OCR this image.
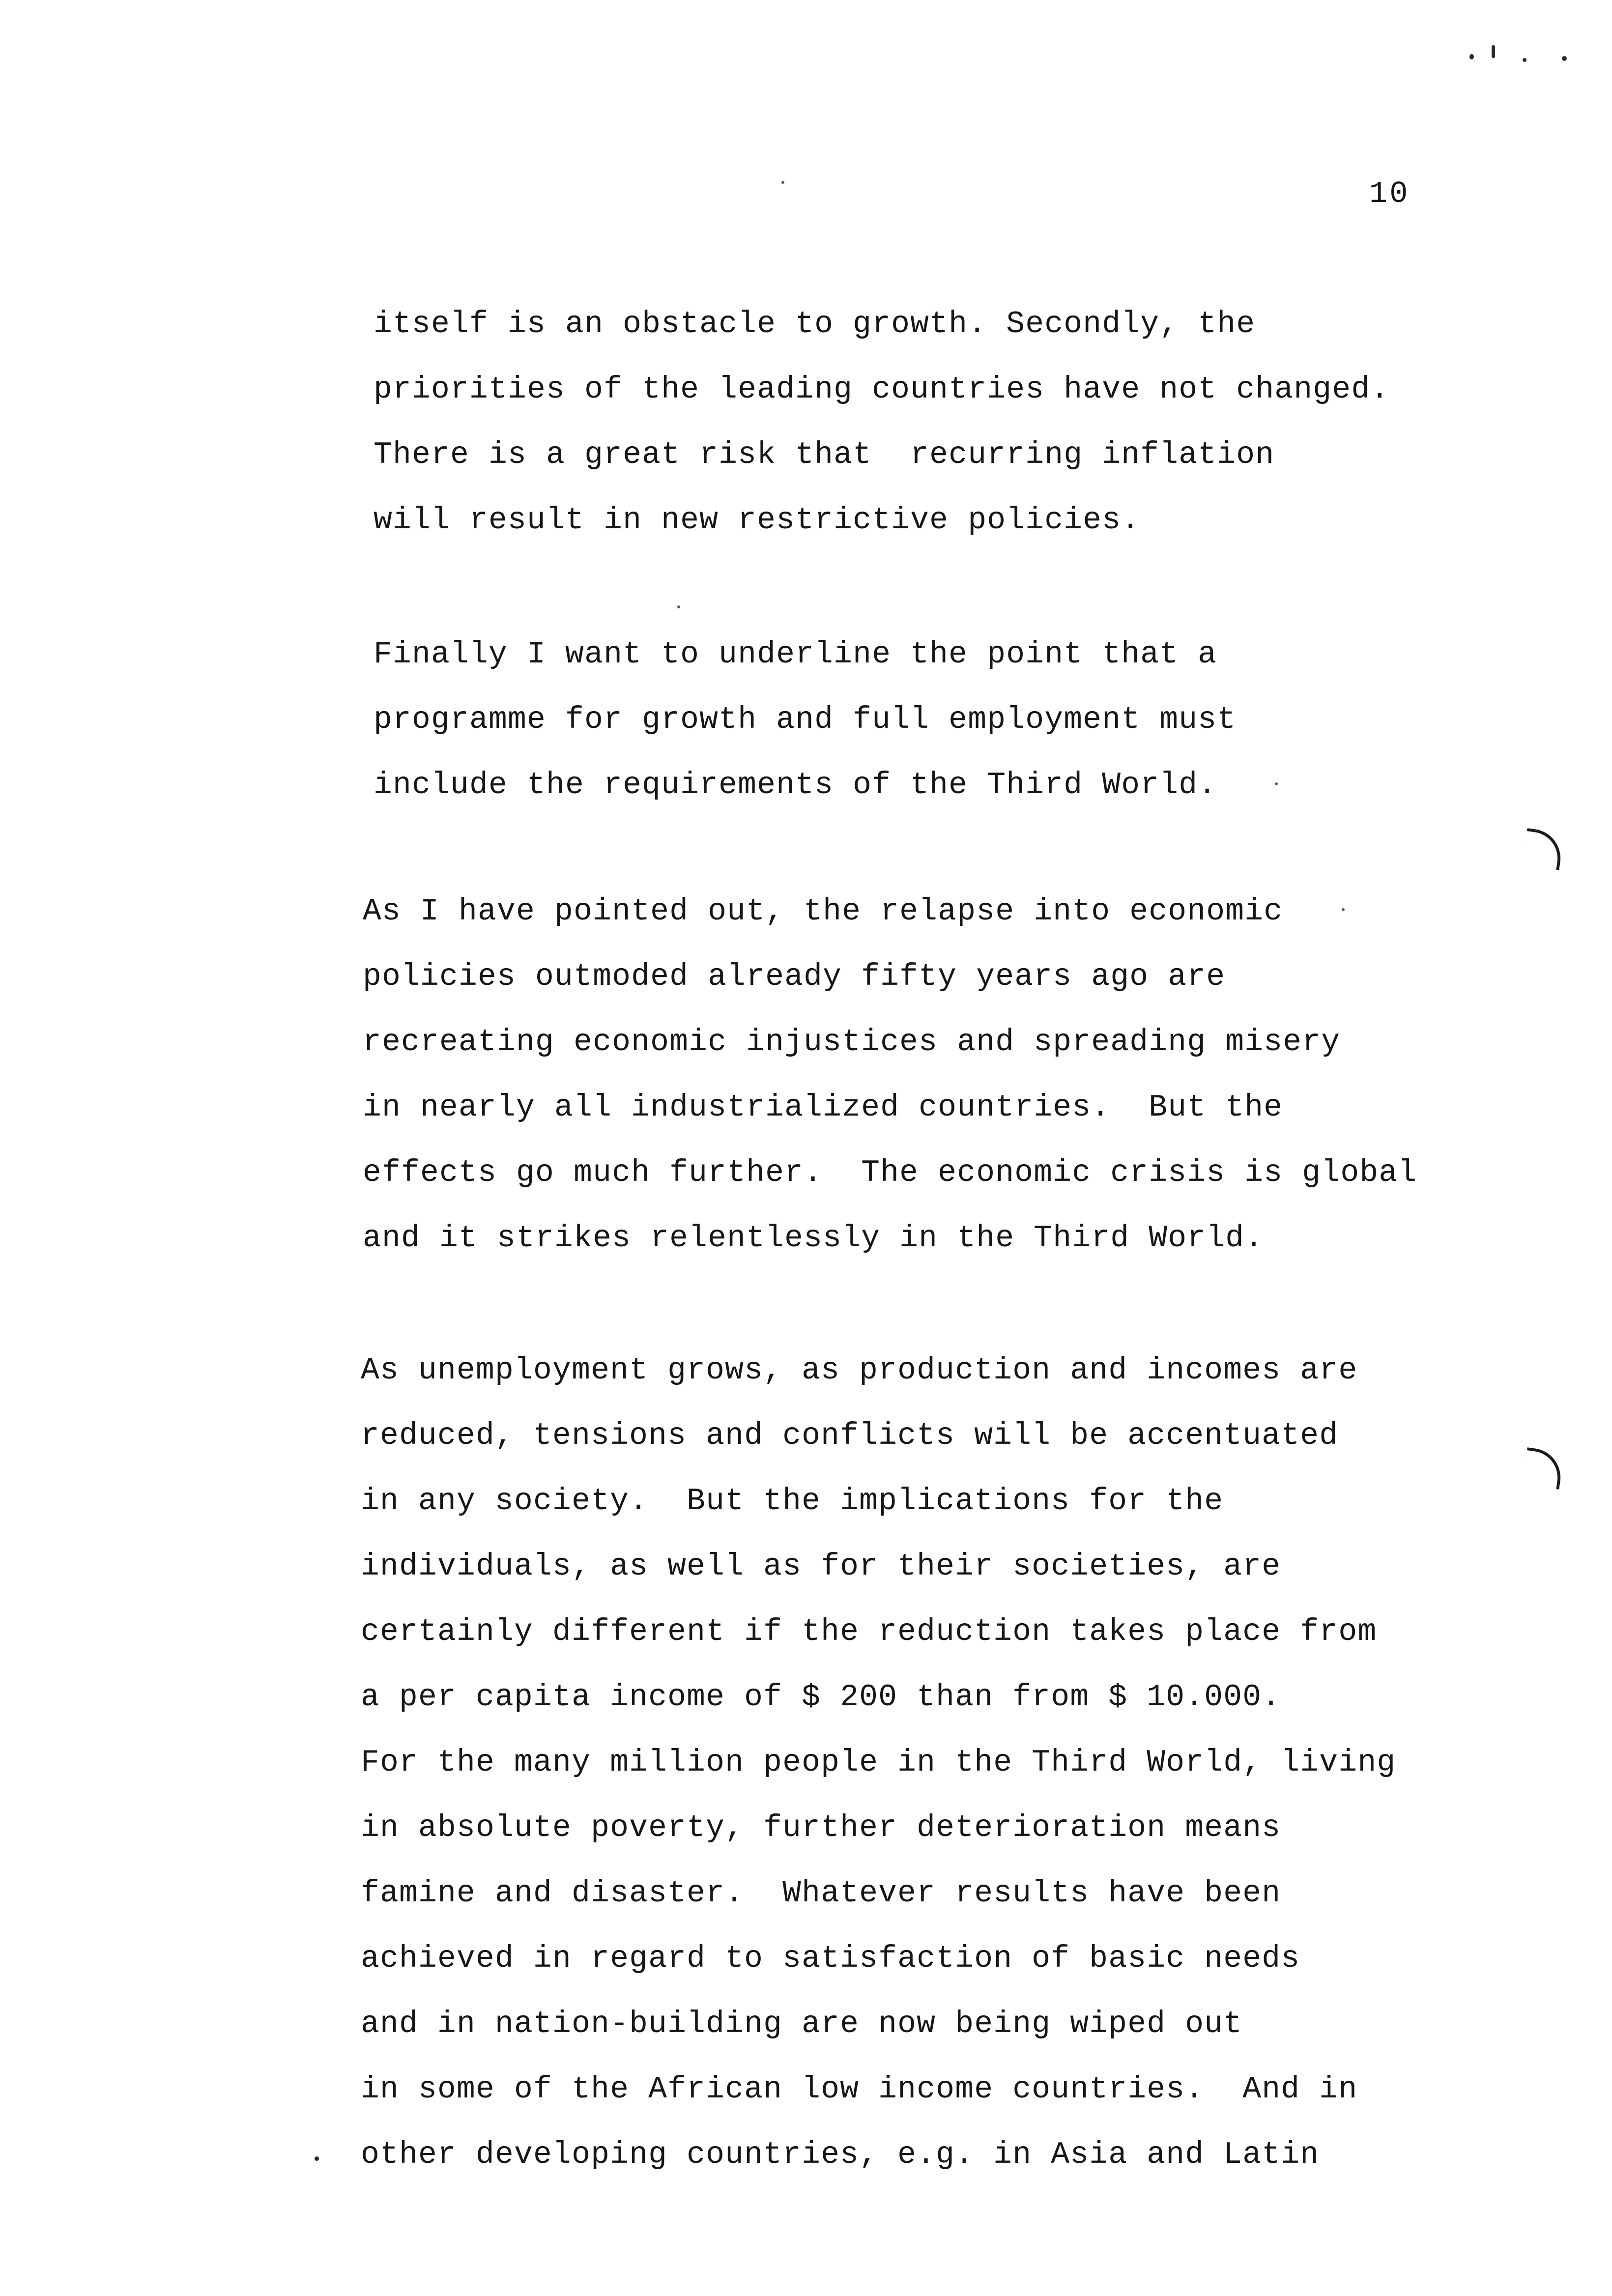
10
itself is an obstacle to growth. Secondly, the
priorities of the leading countries have not changed.
There is a great risk that  recurring inflation
will result in new restrictive policies.
Finally I want to underline the point that a
programme for growth and full employment must
include the requirements of the Third World.
As I have pointed out, the relapse into economic
policies outmoded already fifty years ago are
recreating economic injustices and spreading misery
in nearly all industrialized countries.  But the
effects go much further.  The economic crisis is global
and it strikes relentlessly in the Third World.
As unemployment grows, as production and incomes are
reduced, tensions and conflicts will be accentuated
in any society.  But the implications for the
individuals, as well as for their societies, are
certainly different if the reduction takes place from
a per capita income of $ 200 than from $ 10.000.
For the many million people in the Third World, living
in absolute poverty, further deterioration means
famine and disaster.  Whatever results have been
achieved in regard to satisfaction of basic needs
and in nation-building are now being wiped out
in some of the African low income countries.  And in
other developing countries, e.g. in Asia and Latin
